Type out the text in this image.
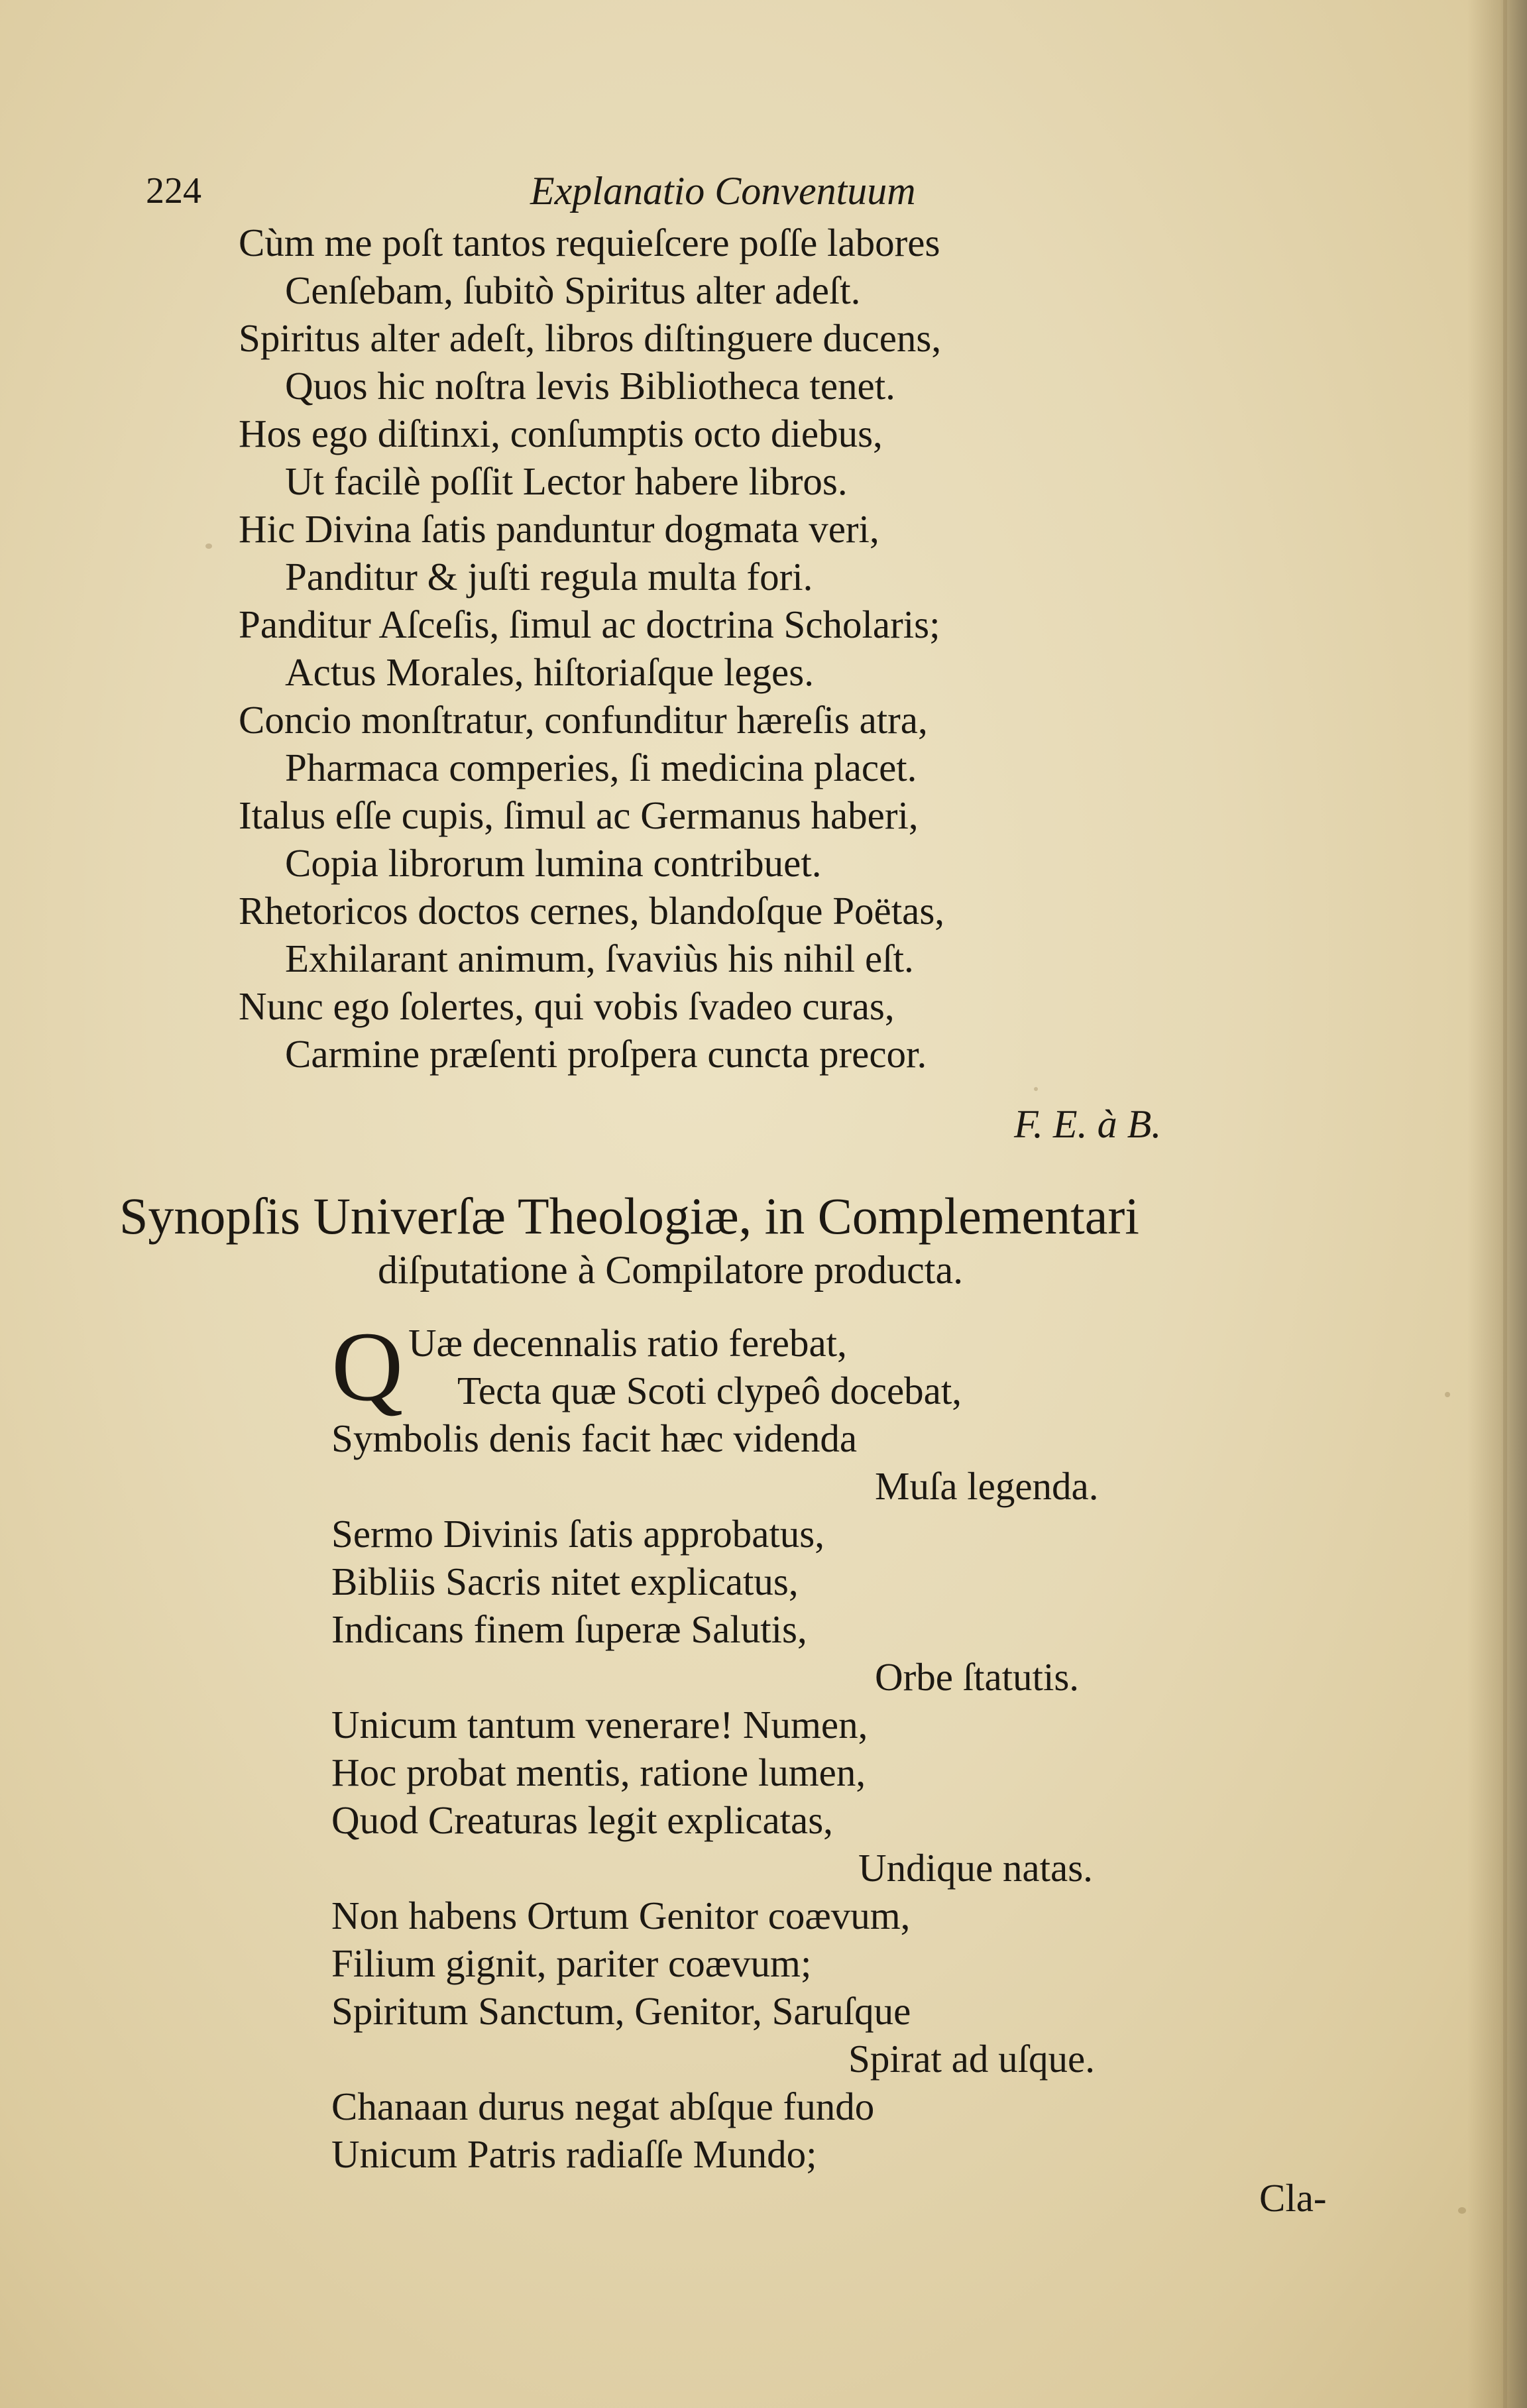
224	Explanatio Conventuum
Cùm me poſt tantos requieſcere poſſe labores
Cenſebam, ſubitò Spiritus alter adeſt.
Spiritus alter adeſt, libros diſtinguere ducens,
Quos hic noſtra levis Bibliotheca tenet.
Hos ego diſtinxi, conſumptis octo diebus,
Ut facilè poſſit Lector habere libros.
Hic Divina ſatis panduntur dogmata veri,
Panditur & juſti regula multa fori.
Panditur Aſceſis, ſimul ac doctrina Scholaris;
Actus Morales, hiſtoriaſque leges.
Concio monſtratur, confunditur hæreſis atra,
Pharmaca comperies, ſi medicina placet.
Italus eſſe cupis, ſimul ac Germanus haberi,
Copia librorum lumina contribuet.
Rhetoricos doctos cernes, blandoſque Poëtas,
Exhilarant animum, ſvaviùs his nihil eſt.
Nunc ego ſolertes, qui vobis ſvadeo curas,
Carmine præſenti proſpera cuncta precor.
F. E. à B.
Synopſis Univerſæ Theologiæ, in Complementari
diſputatione à Compilatore producta.
Q Uæ decennalis ratio ferebat,
Tecta quæ Scoti clypeô docebat,
Symbolis denis facit hæc videnda
Muſa legenda.
Sermo Divinis ſatis approbatus,
Bibliis Sacris nitet explicatus,
Indicans finem ſuperæ Salutis,
Orbe ſtatutis.
Unicum tantum venerare! Numen,
Hoc probat mentis, ratione lumen,
Quod Creaturas legit explicatas,
Undique natas.
Non habens Ortum Genitor coævum,
Filium gignit, pariter coævum;
Spiritum Sanctum, Genitor, Saruſque
Spirat ad uſque.
Chanaan durus negat abſque fundo
Unicum Patris radiaſſe Mundo;
Cla-
